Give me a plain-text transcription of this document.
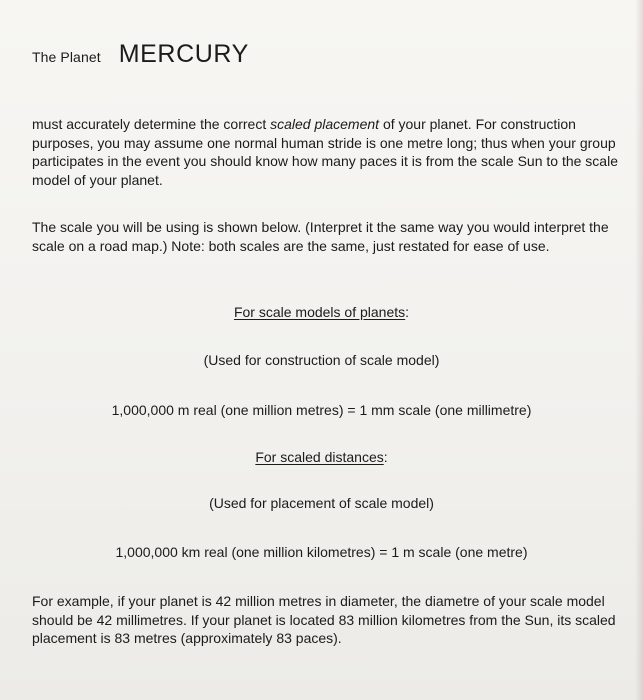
The Planet MERCURY

must accurately determine the correct scaled placement of your planet. For construction purposes, you may assume one normal human stride is one metre long; thus when your group participates in the event you should know how many paces it is from the scale Sun to the scale model of your planet.

The scale you will be using is shown below. (Interpret it the same way you would interpret the scale on a road map.) Note: both scales are the same, just restated for ease of use.

For scale models of planets:
(Used for construction of scale model)
1,000,000 m real (one million metres) = 1 mm scale (one millimetre)
For scaled distances:
(Used for placement of scale model)
1,000,000 km real (one million kilometres) = 1 m scale (one metre)

For example, if your planet is 42 million metres in diameter, the diametre of your scale model should be 42 millimetres. If your planet is located 83 million kilometres from the Sun, its scaled placement is 83 metres (approximately 83 paces).
